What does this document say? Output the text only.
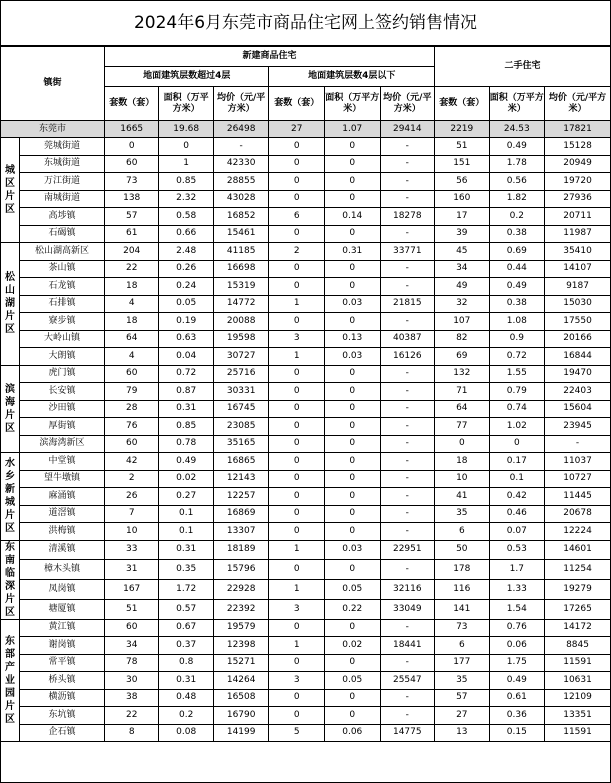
2024年6月东莞市商品住宅网上签约销售情况
镇街		新建商品住宅						二手住宅		
		地面建筑层数超过4层			地面建筑层数4层以下					
		套数（套）	面积（万平方米）	均价（元/平方米）	套数（套）	面积（万平方米）	均价（元/平方米）	套数（套）	面积（万平方米）	均价（元/平方米）
东莞市		1665	19.68	26498	27	1.07	29414	2219	24.53	17821
城区片区	莞城街道	0	0	-	0	0	-	51	0.49	15128
	东城街道	60	1	42330	0	0	-	151	1.78	20949
	万江街道	73	0.85	28855	0	0	-	56	0.56	19720
	南城街道	138	2.32	43028	0	0	-	160	1.82	27936
	高埗镇	57	0.58	16852	6	0.14	18278	17	0.2	20711
	石碣镇	61	0.66	15461	0	0	-	39	0.38	11987
松山湖片区	松山湖高新区	204	2.48	41185	2	0.31	33771	45	0.69	35410
	茶山镇	22	0.26	16698	0	0	-	34	0.44	14107
	石龙镇	18	0.24	15319	0	0	-	49	0.49	9187
	石排镇	4	0.05	14772	1	0.03	21815	32	0.38	15030
	寮步镇	18	0.19	20088	0	0	-	107	1.08	17550
	大岭山镇	64	0.63	19598	3	0.13	40387	82	0.9	20166
	大朗镇	4	0.04	30727	1	0.03	16126	69	0.72	16844
滨海片区	虎门镇	60	0.72	25716	0	0	-	132	1.55	19470
	长安镇	79	0.87	30331	0	0	-	71	0.79	22403
	沙田镇	28	0.31	16745	0	0	-	64	0.74	15604
	厚街镇	76	0.85	23085	0	0	-	77	1.02	23945
	滨海湾新区	60	0.78	35165	0	0	-	0	0	-
水乡新城片区	中堂镇	42	0.49	16865	0	0	-	18	0.17	11037
	望牛墩镇	2	0.02	12143	0	0	-	10	0.1	10727
	麻涌镇	26	0.27	12257	0	0	-	41	0.42	11445
	道滘镇	7	0.1	16869	0	0	-	35	0.46	20678
	洪梅镇	10	0.1	13307	0	0	-	6	0.07	12224
东南临深片区	清溪镇	33	0.31	18189	1	0.03	22951	50	0.53	14601
	樟木头镇	31	0.35	15796	0	0	-	178	1.7	11254
	凤岗镇	167	1.72	22928	1	0.05	32116	116	1.33	19279
	塘厦镇	51	0.57	22392	3	0.22	33049	141	1.54	17265
东部产业园片区	黄江镇	60	0.67	19579	0	0	-	73	0.76	14172
	谢岗镇	34	0.37	12398	1	0.02	18441	6	0.06	8845
	常平镇	78	0.8	15271	0	0	-	177	1.75	11591
	桥头镇	30	0.31	14264	3	0.05	25547	35	0.49	10631
	横沥镇	38	0.48	16508	0	0	-	57	0.61	12109
	东坑镇	22	0.2	16790	0	0	-	27	0.36	13351
	企石镇	8	0.08	14199	5	0.06	14775	13	0.15	11591
